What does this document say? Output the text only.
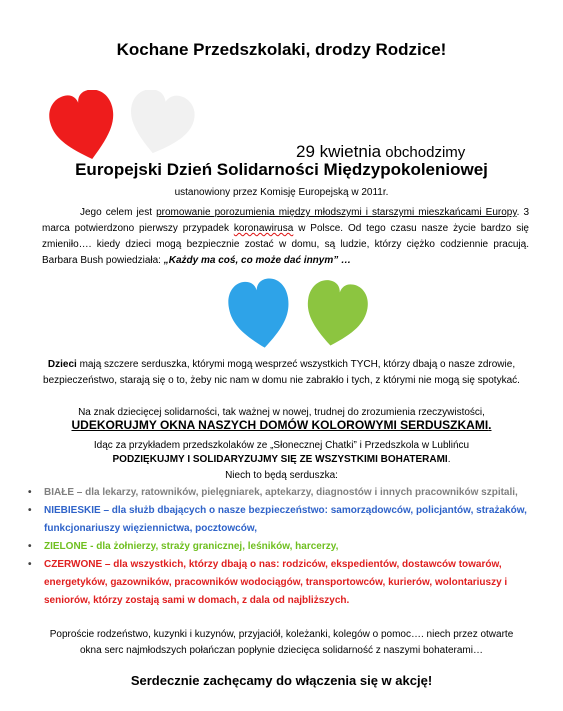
Kochane Przedszkolaki, drodzy Rodzice!
29 kwietnia obchodzimy
Europejski Dzień Solidarności Międzypokoleniowej
ustanowiony przez Komisję Europejską w 2011r.

Jego celem jest promowanie porozumienia między młodszymi i starszymi mieszkańcami Europy. 3 marca potwierdzono pierwszy przypadek koronawirusa w Polsce. Od tego czasu nasze życie bardzo się zmieniło…. kiedy dzieci mogą bezpiecznie zostać w domu, są ludzie, którzy ciężko codziennie pracują. Barbara Bush powiedziała: „Każdy ma coś, co może dać innym” …

Dzieci mają szczere serduszka, którymi mogą wesprzeć wszystkich TYCH, którzy dbają o nasze zdrowie, bezpieczeństwo, starają się o to, żeby nic nam w domu nie zabrakło i tych, z którymi nie mogą się spotykać.

Na znak dziecięcej solidarności, tak ważnej w nowej, trudnej do zrozumienia rzeczywistości,
UDEKORUJMY OKNA NASZYCH DOMÓW KOLOROWYMI SERDUSZKAMI.
Idąc za przykładem przedszkolaków ze „Słonecznej Chatki” i Przedszkola w Lublińcu
PODZIĘKUJMY I SOLIDARYZUJMY SIĘ ZE WSZYSTKIMI BOHATERAMI.
Niech to będą serduszka:
• BIAŁE – dla lekarzy, ratowników, pielęgniarek, aptekarzy, diagnostów i innych pracowników szpitali,
• NIEBIESKIE – dla służb dbających o nasze bezpieczeństwo: samorządowców, policjantów, strażaków, funkcjonariuszy więziennictwa, pocztowców,
• ZIELONE - dla żołnierzy, straży granicznej, leśników, harcerzy,
• CZERWONE – dla wszystkich, którzy dbają o nas: rodziców, ekspedientów, dostawców towarów, energetyków, gazowników, pracowników wodociągów, transportowców, kurierów, wolontariuszy i seniorów, którzy zostają sami w domach, z dala od najbliższych.

Poproście rodzeństwo, kuzynki i kuzynów, przyjaciół, koleżanki, kolegów o pomoc…. niech przez otwarte okna serc najmłodszych połańczan popłynie dziecięca solidarność z naszymi bohaterami…

Serdecznie zachęcamy do włączenia się w akcję!
